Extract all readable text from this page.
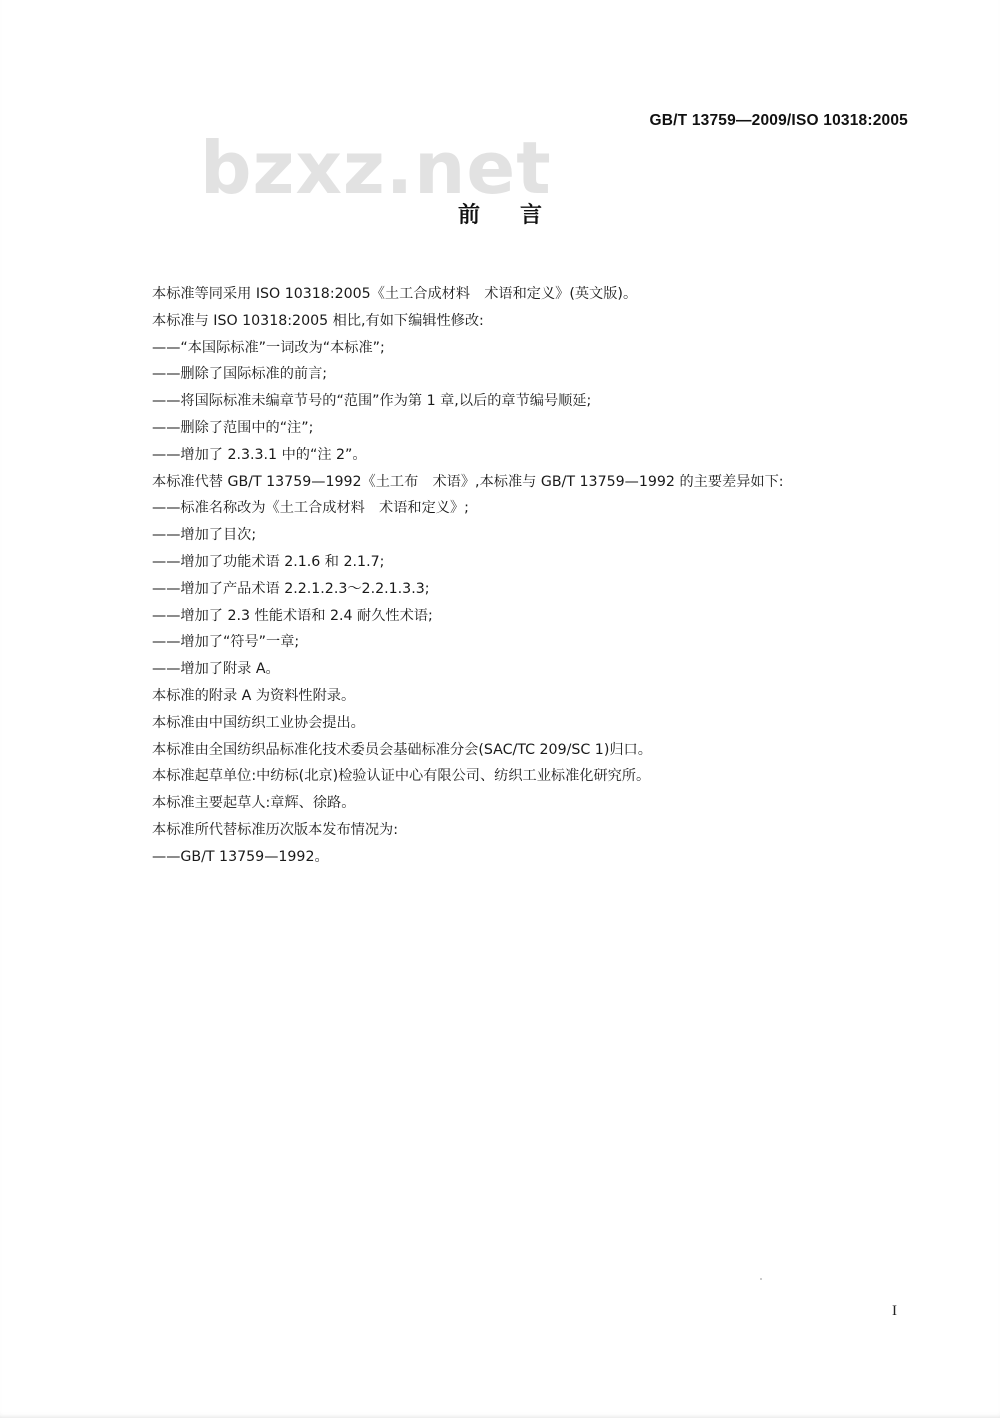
GB/T 13759—2009/ISO 10318:2005
bzxz.net
前言

本标准等同采用 ISO 10318:2005《土工合成材料　术语和定义》(英文版)。

本标准与 ISO 10318:2005 相比,有如下编辑性修改:

——“本国际标准”一词改为“本标准”;

——删除了国际标准的前言;

——将国际标准未编章节号的“范围”作为第 1 章,以后的章节编号顺延;

——删除了范围中的“注”;

——增加了 2.3.3.1 中的“注 2”。

本标准代替 GB/T 13759—1992《土工布　术语》,本标准与 GB/T 13759—1992 的主要差异如下:

——标准名称改为《土工合成材料　术语和定义》;

——增加了目次;

——增加了功能术语 2.1.6 和 2.1.7;

——增加了产品术语 2.2.1.2.3～2.2.1.3.3;

——增加了 2.3 性能术语和 2.4 耐久性术语;

——增加了“符号”一章;

——增加了附录 A。

本标准的附录 A 为资料性附录。

本标准由中国纺织工业协会提出。

本标准由全国纺织品标准化技术委员会基础标准分会(SAC/TC 209/SC 1)归口。

本标准起草单位:中纺标(北京)检验认证中心有限公司、纺织工业标准化研究所。

本标准主要起草人:章辉、徐路。

本标准所代替标准历次版本发布情况为:

——GB/T 13759—1992。

I
